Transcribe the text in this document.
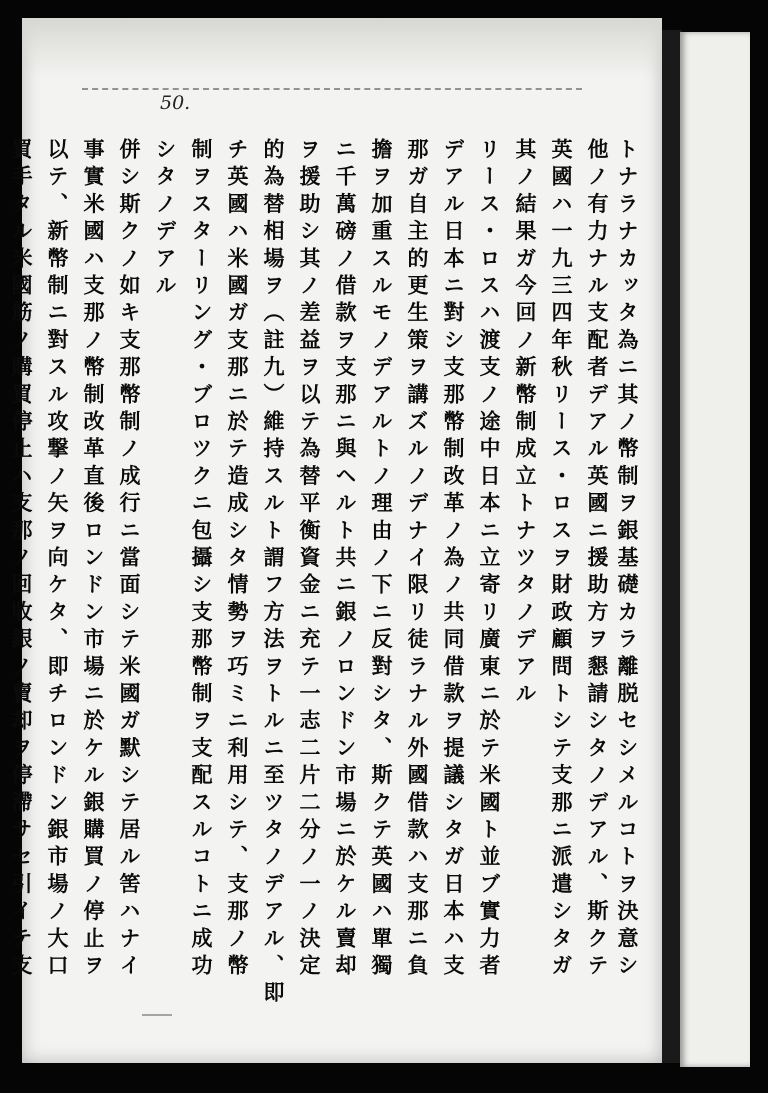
50.
トナラナカッタ為ニ其ノ幣制ヲ銀基礎カラ離脱セシメルコトヲ決意シ
他ノ有力ナル支配者デアル英國ニ援助方ヲ懇請シタノデアル、斯クテ
英國ハ一九三四年秋リース・ロスヲ財政顧問トシテ支那ニ派遣シタガ
其ノ結果ガ今回ノ新幣制成立トナツタノデアル
リース・ロスハ渡支ノ途中日本ニ立寄リ廣東ニ於テ米國ト並ブ實力者
デアル日本ニ對シ支那幣制改革ノ為ノ共同借款ヲ提議シタガ日本ハ支
那ガ自主的更生策ヲ講ズルノデナイ限リ徒ラナル外國借款ハ支那ニ負
擔ヲ加重スルモノデアルトノ理由ノ下ニ反對シタ、斯クテ英國ハ單獨
ニ千萬磅ノ借款ヲ支那ニ與ヘルト共ニ銀ノロンドン市場ニ於ケル賣却
ヲ援助シ其ノ差益ヲ以テ為替平衡資金ニ充テ一志二片二分ノ一ノ決定
的為替相場ヲ（註九）維持スルト謂フ方法ヲトルニ至ツタノデアル、即
チ英國ハ米國ガ支那ニ於テ造成シタ情勢ヲ巧ミニ利用シテ、支那ノ幣
制ヲスターリング・ブロツクニ包攝シ支那幣制ヲ支配スルコトニ成功
シタノデアル
併シ斯クノ如キ支那幣制ノ成行ニ當面シテ米國ガ默シテ居ル筈ハナイ
事實米國ハ支那ノ幣制改革直後ロンドン市場ニ於ケル銀購買ノ停止ヲ
以テ、新幣制ニ對スル攻撃ノ矢ヲ向ケタ、即チロンドン銀市場ノ大口
買手タル米國筋ノ購買停止ハ支那ノ回收銀ノ賣却ヲ停滯サセ引イテ支
